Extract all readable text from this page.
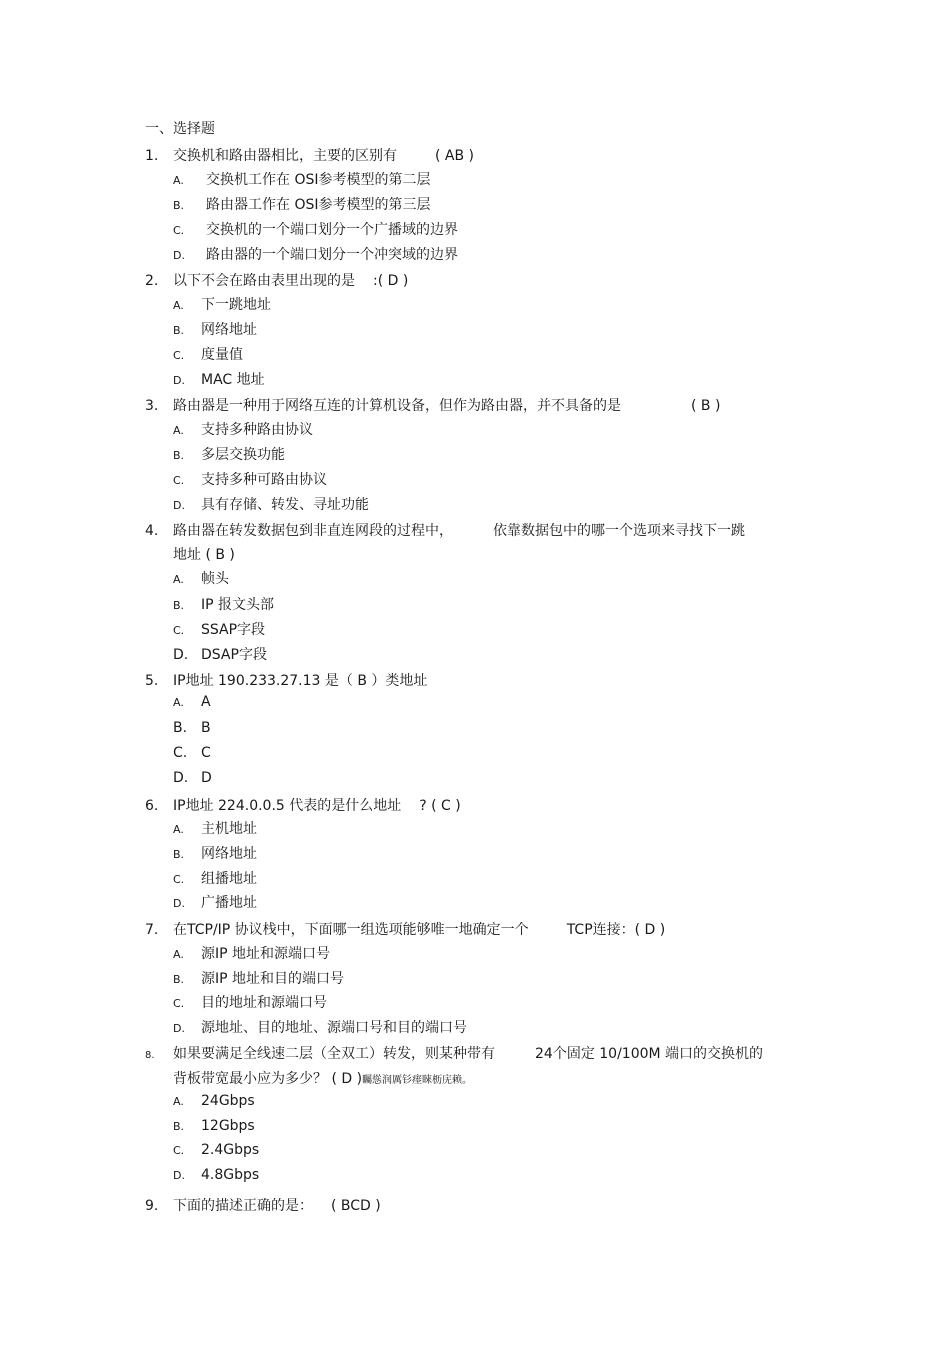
一、选择题
1. 交换机和路由器相比，主要的区别有	( AB )
A. 交换机工作在 OSI参考模型的第二层
B. 路由器工作在 OSI参考模型的第三层
C. 交换机的一个端口划分一个广播域的边界
D. 路由器的一个端口划分一个冲突域的边界
2. 以下不会在路由表里出现的是 :( D )
A. 下一跳地址
B. 网络地址
C. 度量值
D. MAC 地址
3. 路由器是一种用于网络互连的计算机设备，但作为路由器，并不具备的是	( B )
A. 支持多种路由协议
B. 多层交换功能
C. 支持多种可路由协议
D. 具有存储、转发、寻址功能
4. 路由器在转发数据包到非直连网段的过程中，	依靠数据包中的哪一个选项来寻找下一跳
地址 ( B )
A. 帧头
B. IP 报文头部
C. SSAP字段
D. DSAP字段
5. IP地址 190.233.27.13 是（ B ）类地址
A. A
B. B
C. C
D. D
6. IP地址 224.0.0.5 代表的是什么地址 ? ( C )
A. 主机地址
B. 网络地址
C. 组播地址
D. 广播地址
7. 在TCP/IP 协议栈中，下面哪一组选项能够唯一地确定一个	TCP连接：( D )
A. 源IP 地址和源端口号
B. 源IP 地址和目的端口号
C. 目的地址和源端口号
D. 源地址、目的地址、源端口号和目的端口号
8. 如果要满足全线速二层（全双工）转发，则某种带有	24个固定 10/100M 端口的交换机的
背板带宽最小应为多少？ ( D )矚慫润厲钐瘗睞枥庑赖。
A. 24Gbps
B. 12Gbps
C. 2.4Gbps
D. 4.8Gbps
9. 下面的描述正确的是： ( BCD )
